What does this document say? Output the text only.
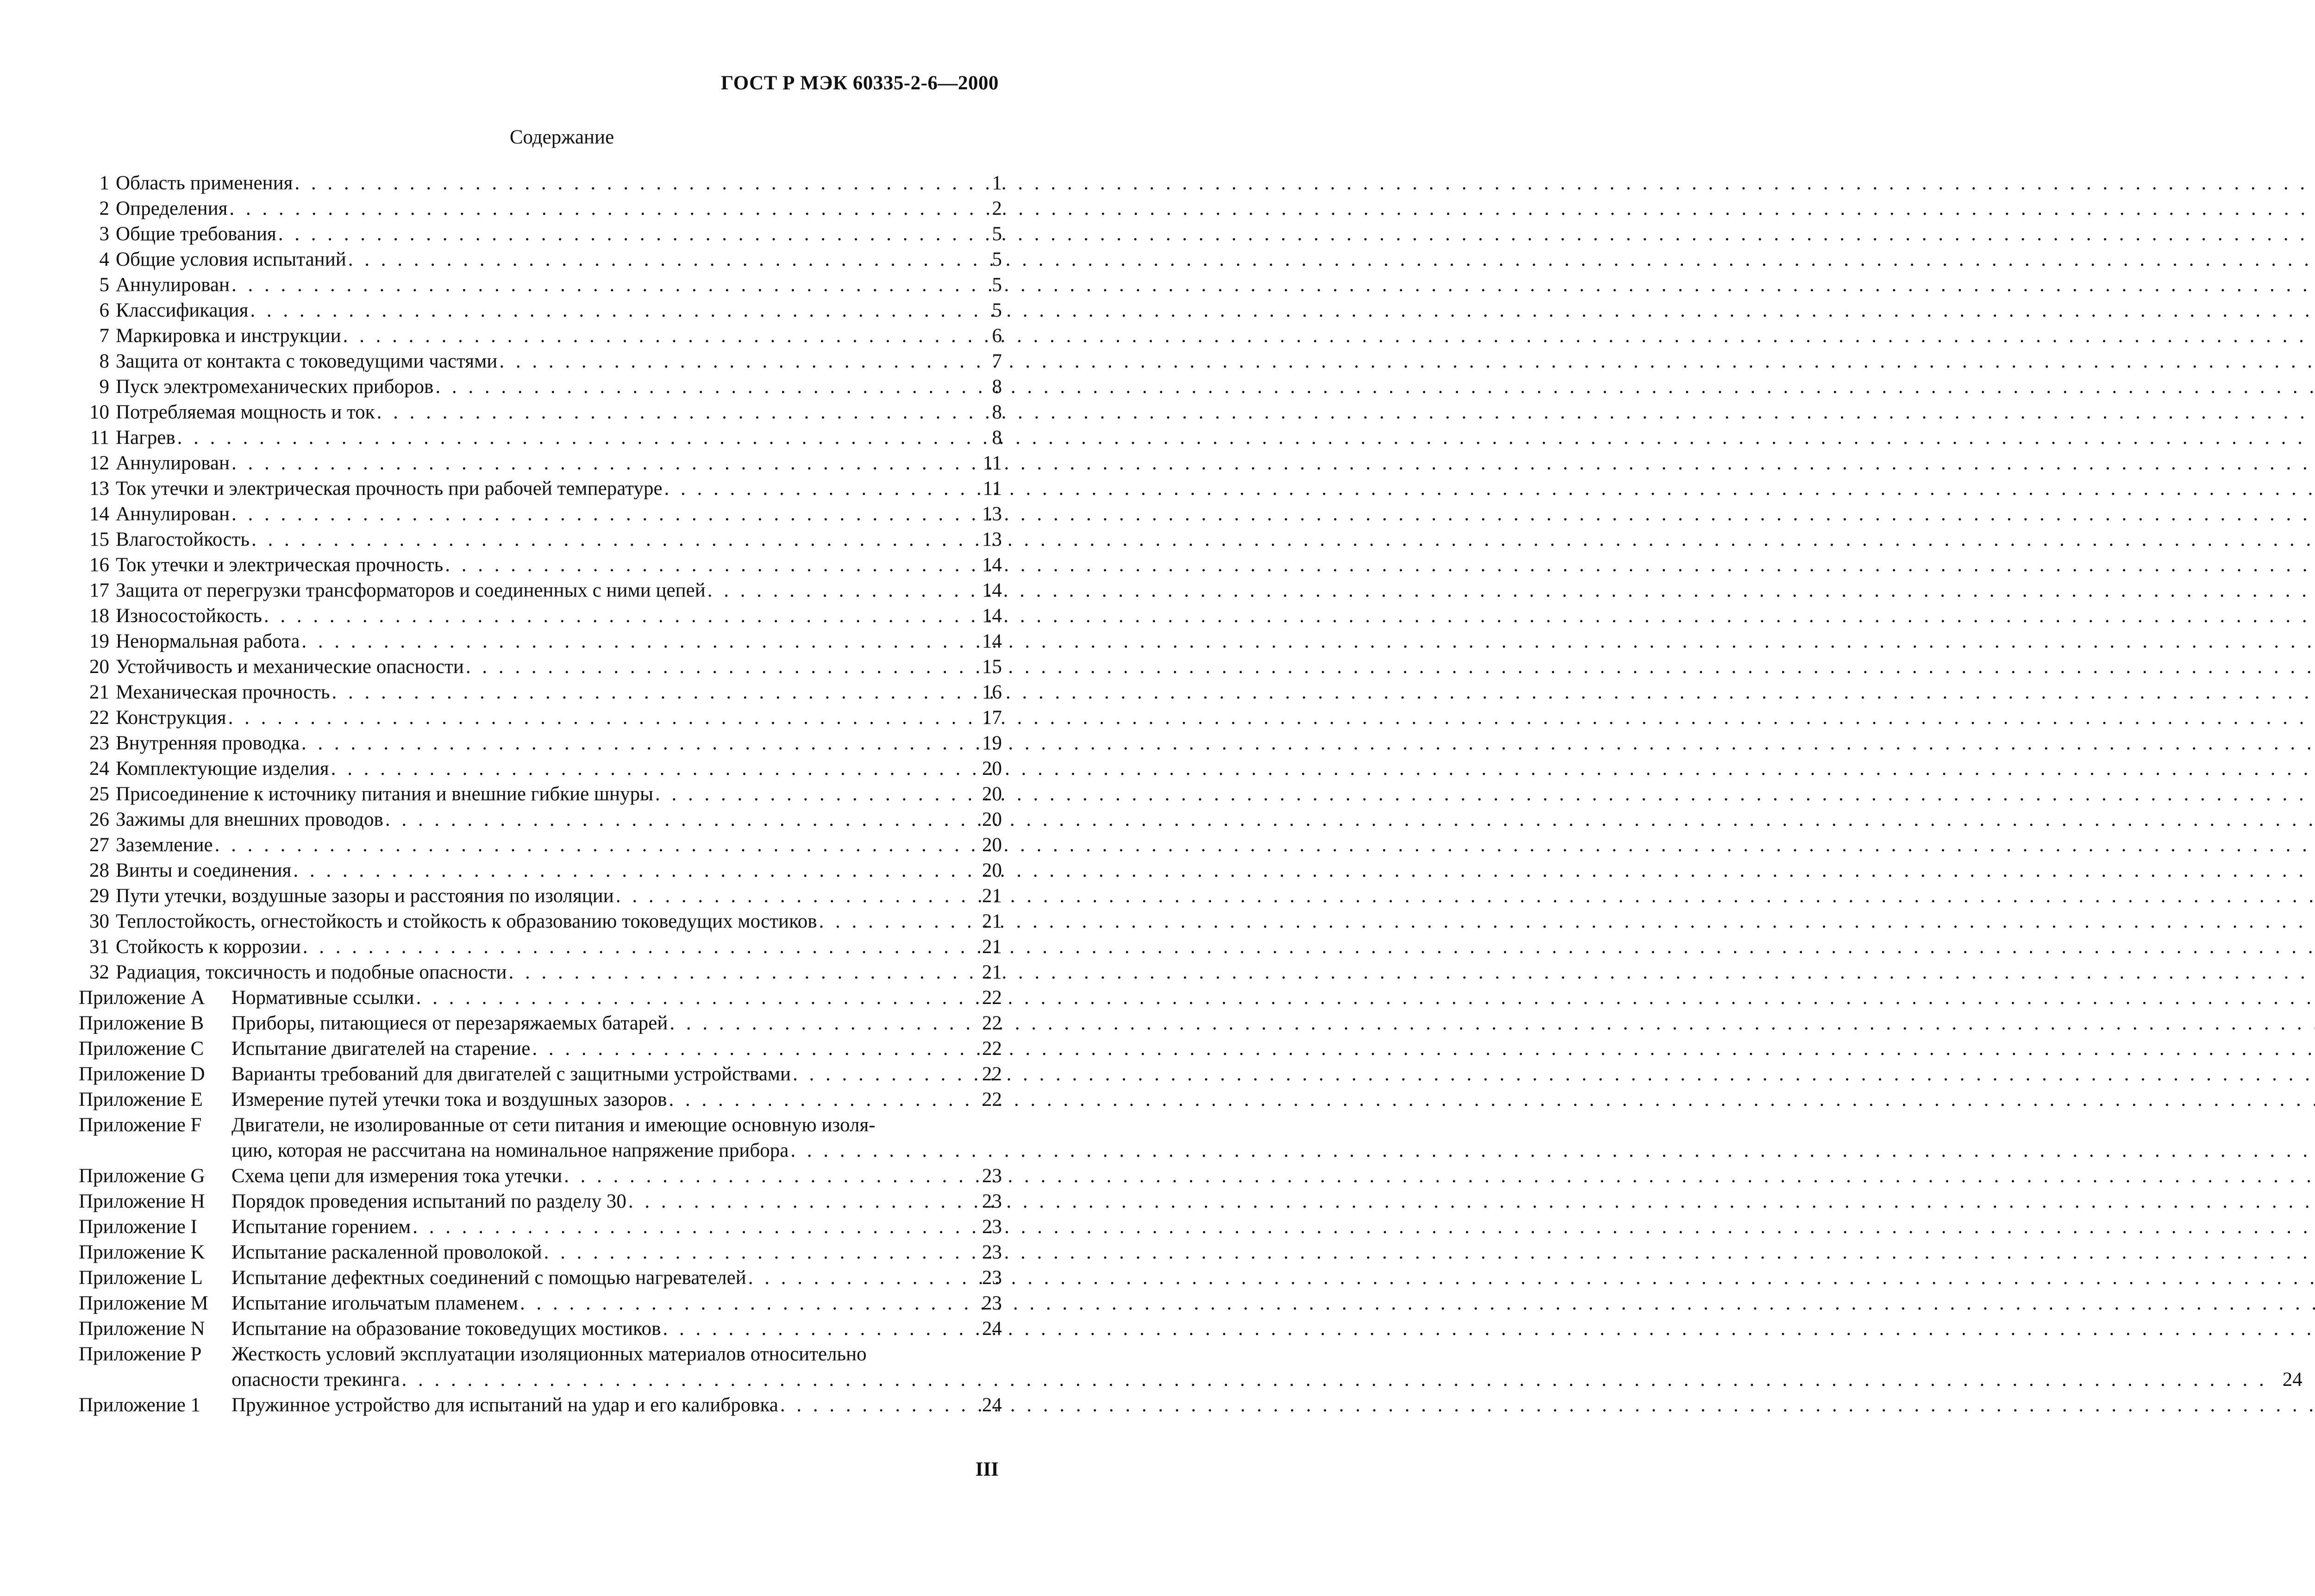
ГОСТ Р МЭК 60335-2-6—2000
Содержание
1 Область применения . . .	1
2 Определения . . .	2
3 Общие требования . . .	5
4 Общие условия испытаний . . .	5
5 Аннулирован . . .	5
6 Классификация . . .	5
7 Маркировка и инструкции . . .	6
8 Защита от контакта с токоведущими частями . . .	7
9 Пуск электромеханических приборов . . .	8
10 Потребляемая мощность и ток . . .	8
11 Нагрев . . .	8
12 Аннулирован . . .	11
13 Ток утечки и электрическая прочность при рабочей температуре . . .	11
14 Аннулирован . . .	13
15 Влагостойкость . . .	13
16 Ток утечки и электрическая прочность . . .	14
17 Защита от перегрузки трансформаторов и соединенных с ними цепей . . .	14
18 Износостойкость . . .	14
19 Ненормальная работа . . .	14
20 Устойчивость и механические опасности . . .	15
21 Механическая прочность . . .	16
22 Конструкция . . .	17
23 Внутренняя проводка . . .	19
24 Комплектующие изделия . . .	20
25 Присоединение к источнику питания и внешние гибкие шнуры . . .	20
26 Зажимы для внешних проводов . . .	20
27 Заземление . . .	20
28 Винты и соединения . . .	20
29 Пути утечки, воздушные зазоры и расстояния по изоляции . . .	21
30 Теплостойкость, огнестойкость и стойкость к образованию токоведущих мостиков . . .	21
31 Стойкость к коррозии . . .	21
32 Радиация, токсичность и подобные опасности . . .	21
Приложение A	Нормативные ссылки . . .	22
Приложение B	Приборы, питающиеся от перезаряжаемых батарей . . .	22
Приложение C	Испытание двигателей на старение . . .	22
Приложение D	Варианты требований для двигателей с защитными устройствами . . .	22
Приложение E	Измерение путей утечки тока и воздушных зазоров . . .	22
Приложение F	Двигатели, не изолированные от сети питания и имеющие основную изоля-
цию, которая не рассчитана на номинальное напряжение прибора
. . .
Приложение G	Схема цепи для измерения тока утечки . . .	23
Приложение H	Порядок проведения испытаний по разделу 30 . . .	23
Приложение I	Испытание горением . . .	23
Приложение K	Испытание раскаленной проволокой . . .	23
Приложение L	Испытание дефектных соединений с помощью нагревателей . . .	23
Приложение M	Испытание игольчатым пламенем . . .	23
Приложение N	Испытание на образование токоведущих мостиков . . .	24
Приложение P	Жесткость условий эксплуатации изоляционных материалов относительно
опасности трекинга . . .	24
Приложение 1	Пружинное устройство для испытаний на удар и его калибровка . . .	24
III
